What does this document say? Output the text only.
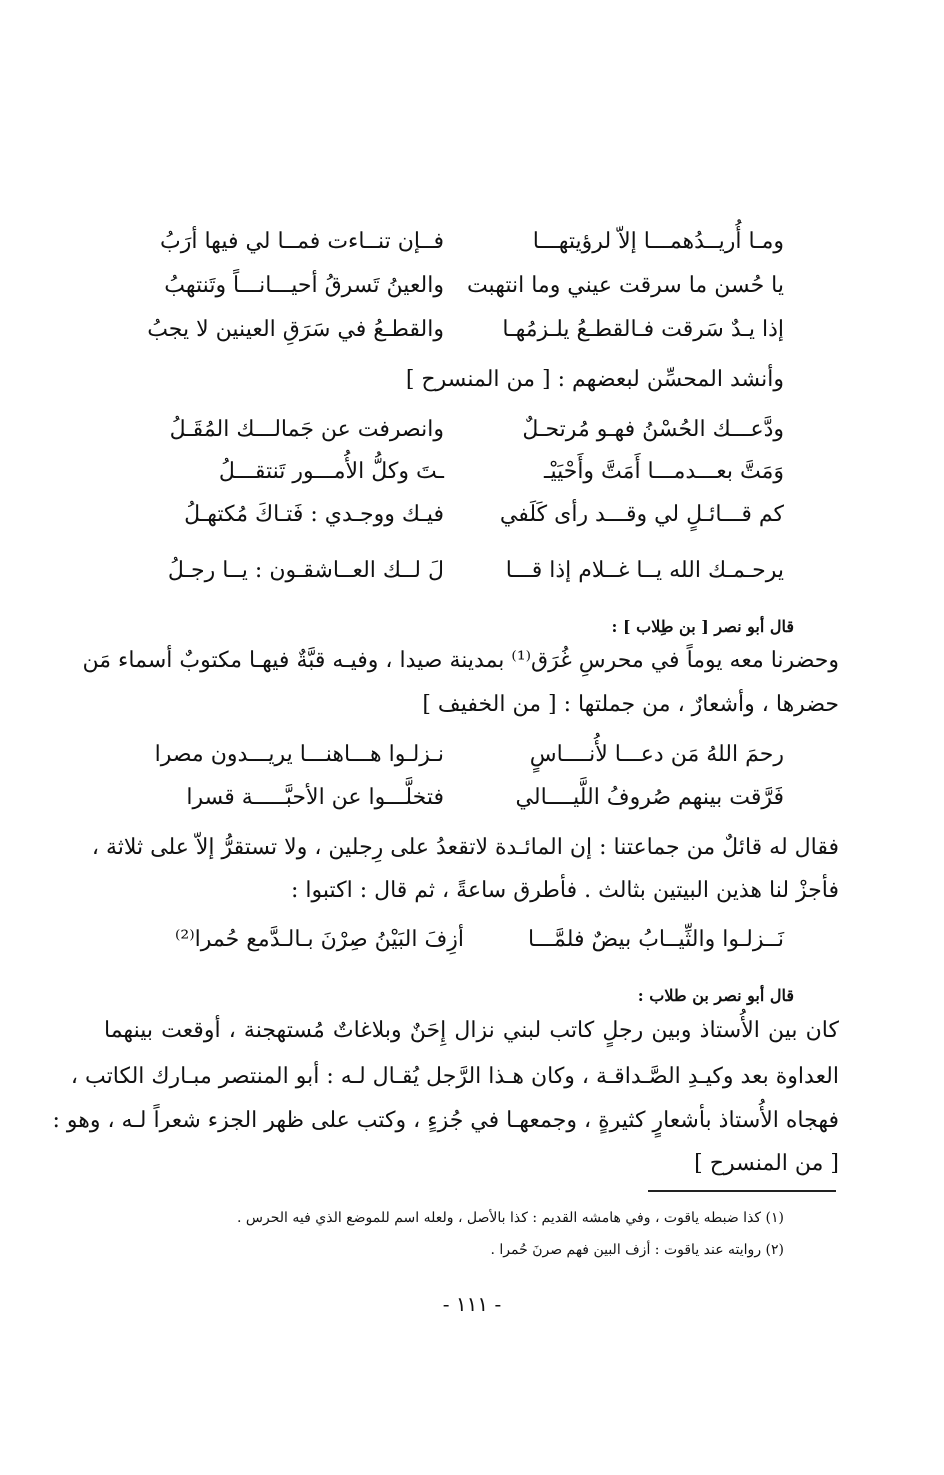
ومـا أُريــدُهمـــا إلاّ لرؤيتهـــا
فــإن تنــاءت فمــا لي فيها أرَبُ
يا حُسن ما سرقت عيني وما انتهبت
والعينُ تَسرقُ أحيـــانـــاً وتَنتهبُ
إذا يـدٌ سَرقت فـالقطـعُ يلـزمُهـا
والقطـعُ في سَرَقِ العينين لا يجبُ
وأنشد المحسِّن لبعضهم : [ من المنسرح ]
ودَّعـــك الحُسْنُ فهـو مُرتحـلٌ
وانصرفت عن جَمالـــك المُقَـلُ
وَمَتَّ بعـــدمـــا أَمَتَّ وأَحْيَيْـ
ـتَ وكلُّ الأُمـــور تَنتقـــلُ
كم قـــائـلٍ لي وقـــد رأى كَلَفي
فيـك ووجـدي : فَتـاكَ مُكتهـلُ
يرحـمـك الله يــا غــلام إذا قـــا
لَ لــك العــاشقـون : يــا رجـلُ
قال أبو نصر [ بن طِلاب ] :
وحضرنا معه يوماً في محرسِ غُرَق⁽¹⁾ بمدينة صيدا ، وفيـه قبَّةٌ فيهـا مكتوبٌ أسماء مَن
حضرها ، وأشعارٌ ، من جملتها : [ من الخفيف ]
رحمَ اللهُ مَن دعـــا لأُنــــاسٍ
نـزلـوا هـــاهنـــا يريـــدون مصرا
فَرَّقت بينهم صُروفُ اللَّيــــالي
فتخلَّـــوا عن الأحبَّـــــة قسرا
فقال له قائلٌ من جماعتنا : إن المائـدة لاتقعدُ على رِجلين ، ولا تستقرُّ إلاّ على ثلاثة ،
فأجزْ لنا هذين البيتين بثالث . فأطرق ساعةً ، ثم قال : اكتبوا :
نَــزلـوا والثِّيــابُ بيضٌ فلمَّـــا
أزِفَ البَيْنُ صِرْنَ بـالـدَّمع حُمرا⁽²⁾
قال أبو نصر بن طلاب :
كان بين الأُستاذ وبين رجلٍ كاتب لبني نزال إِحَنٌ وبلاغاتٌ مُستهجنة ، أوقعت بينهما
العداوة بعد وكيـدِ الصَّـداقـة ، وكان هـذا الرَّجل يُقـال لـه : أبو المنتصر مبـارك الكاتب ،
فهجاه الأُستاذ بأشعارٍ كثيرةٍ ، وجمعهـا في جُزءٍ ، وكتب على ظهر الجزء شعراً لـه ، وهو :
[ من المنسرح ]
(١) كذا ضبطه ياقوت ، وفي هامشه القديم : كذا بالأصل ، ولعله اسم للموضع الذي فيه الحرس .
(٢) روايته عند ياقوت : أزف البين فهم صرنَ حُمرا .
- ١١١ -
